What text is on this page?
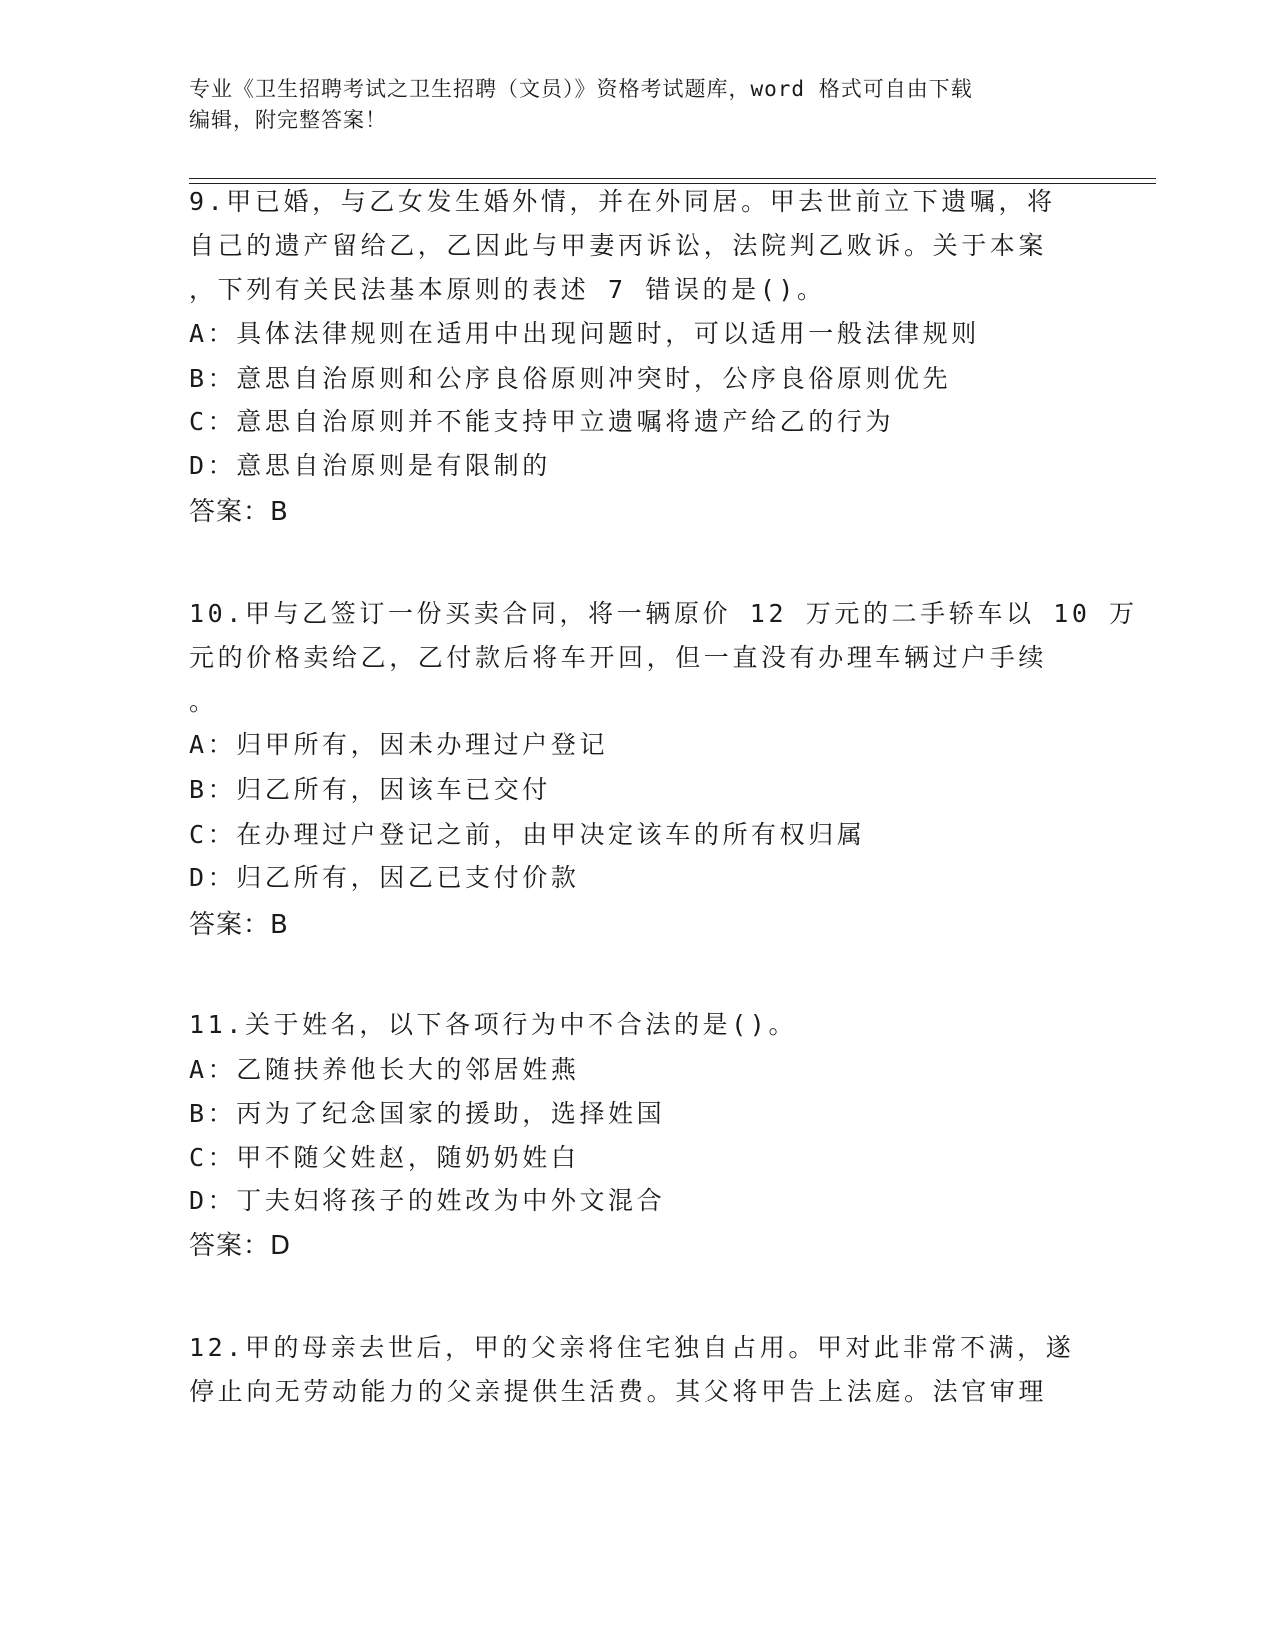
专业《卫生招聘考试之卫生招聘（文员）》资格考试题库，word 格式可自由下载
编辑，附完整答案！
9.甲已婚，与乙女发生婚外情，并在外同居。甲去世前立下遗嘱，将
自己的遗产留给乙，乙因此与甲妻丙诉讼，法院判乙败诉。关于本案
，下列有关民法基本原则的表述 7 错误的是()。
A：具体法律规则在适用中出现问题时，可以适用一般法律规则
B：意思自治原则和公序良俗原则冲突时，公序良俗原则优先
C：意思自治原则并不能支持甲立遗嘱将遗产给乙的行为
D：意思自治原则是有限制的
答案：B
10.甲与乙签订一份买卖合同，将一辆原价 12 万元的二手轿车以 10 万
元的价格卖给乙，乙付款后将车开回，但一直没有办理车辆过户手续
。
A：归甲所有，因未办理过户登记
B：归乙所有，因该车已交付
C：在办理过户登记之前，由甲决定该车的所有权归属
D：归乙所有，因乙已支付价款
答案：B
11.关于姓名，以下各项行为中不合法的是()。
A：乙随扶养他长大的邻居姓燕
B：丙为了纪念国家的援助，选择姓国
C：甲不随父姓赵，随奶奶姓白
D：丁夫妇将孩子的姓改为中外文混合
答案：D
12.甲的母亲去世后，甲的父亲将住宅独自占用。甲对此非常不满，遂
停止向无劳动能力的父亲提供生活费。其父将甲告上法庭。法官审理
